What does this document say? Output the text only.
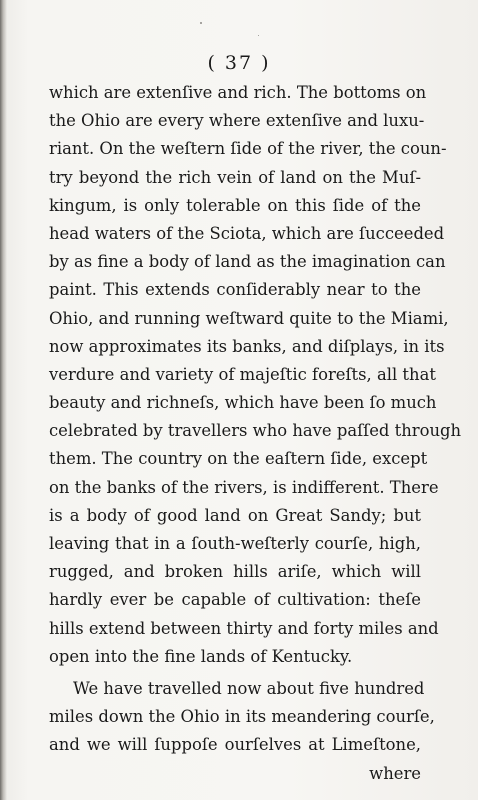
( 37 )
which are extenſive and rich. The bottoms on
the Ohio are every where extenſive and luxu-
riant. On the weſtern ſide of the river, the coun-
try beyond the rich vein of land on the Muſ-
kingum, is only tolerable on this ſide of the
head waters of the Sciota, which are ſucceeded
by as fine a body of land as the imagination can
paint. This extends conſiderably near to the
Ohio, and running weſtward quite to the Miami,
now approximates its banks, and diſplays, in its
verdure and variety of majeſtic foreſts, all that
beauty and richneſs, which have been ſo much
celebrated by travellers who have paſſed through
them. The country on the eaſtern ſide, except
on the banks of the rivers, is indifferent. There
is a body of good land on Great Sandy; but
leaving that in a ſouth-weſterly courſe, high,
rugged, and broken hills ariſe, which will
hardly ever be capable of cultivation: theſe
hills extend between thirty and forty miles and
open into the fine lands of Kentucky.
We have travelled now about five hundred
miles down the Ohio in its meandering courſe,
and we will ſuppoſe ourſelves at Limeſtone,
where
